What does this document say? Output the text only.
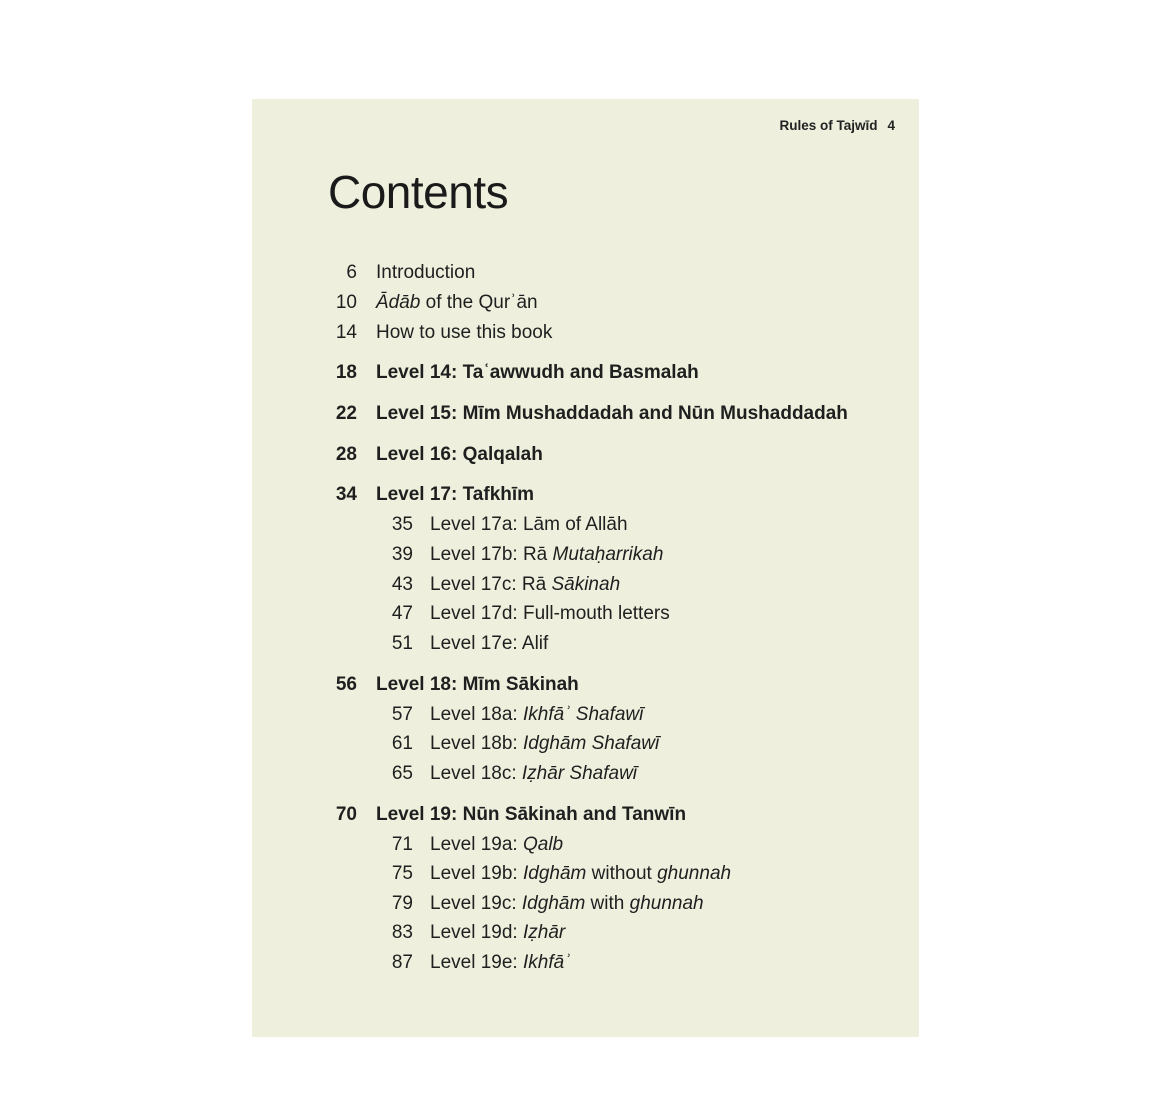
Rules of Tajwīd 4
Contents
6 Introduction
10 Ādāb of the Qurʾān
14 How to use this book
18 Level 14: Taʿawwudh and Basmalah
22 Level 15: Mīm Mushaddadah and Nūn Mushaddadah
28 Level 16: Qalqalah
34 Level 17: Tafkhīm
35 Level 17a: Lām of Allāh
39 Level 17b: Rā Mutaḥarrikah
43 Level 17c: Rā Sākinah
47 Level 17d: Full-mouth letters
51 Level 17e: Alif
56 Level 18: Mīm Sākinah
57 Level 18a: Ikhfāʾ Shafawī
61 Level 18b: Idghām Shafawī
65 Level 18c: Iẓhār Shafawī
70 Level 19: Nūn Sākinah and Tanwīn
71 Level 19a: Qalb
75 Level 19b: Idghām without ghunnah
79 Level 19c: Idghām with ghunnah
83 Level 19d: Iẓhār
87 Level 19e: Ikhfāʾ
